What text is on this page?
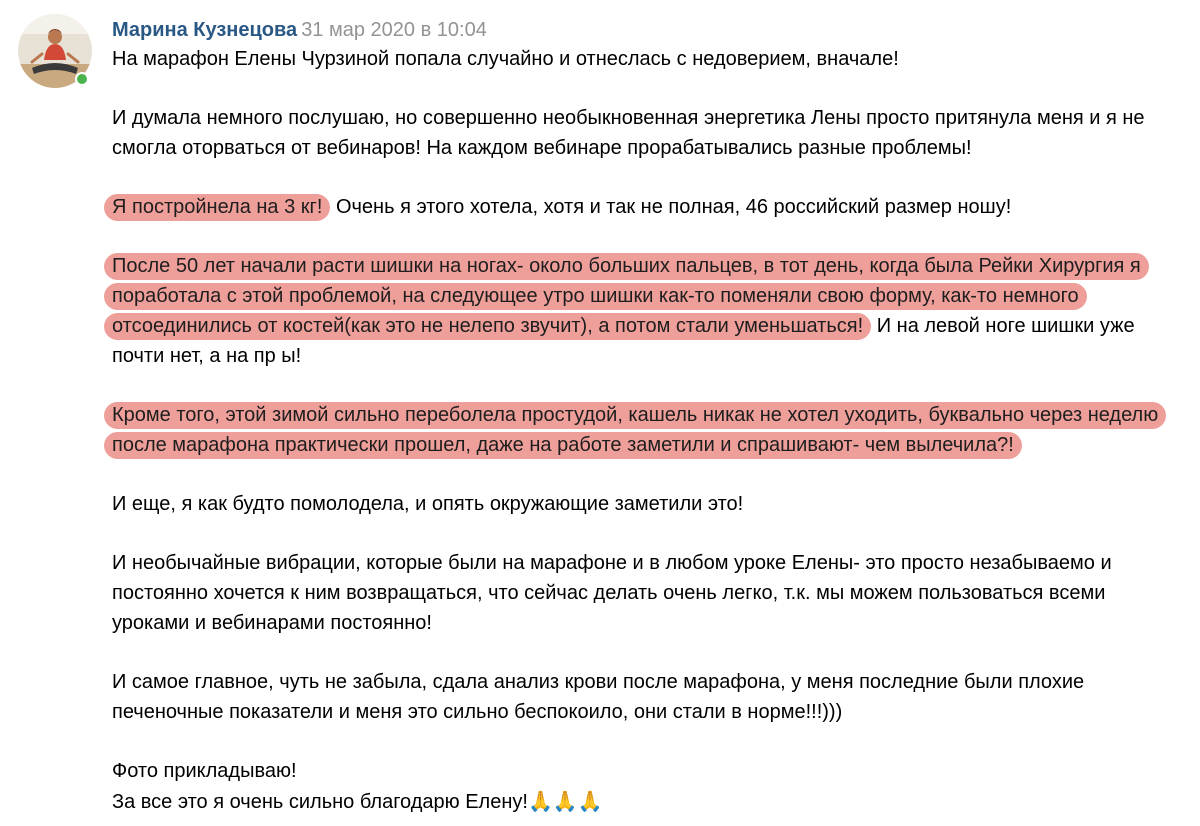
Марина Кузнецова 31 мар 2020 в 10:04

На марафон Елены Чурзиной попала случайно и отнеслась с недоверием, вначале!

И думала немного послушаю, но совершенно необыкновенная энергетика Лены просто притянула меня и я не смогла оторваться от вебинаров! На каждом вебинаре прорабатывались разные проблемы!

Я постройнела на 3 кг! Очень я этого хотела, хотя и так не полная, 46 российский размер ношу!

После 50 лет начали расти шишки на ногах- около больших пальцев, в тот день, когда была Рейки Хирургия я поработала с этой проблемой, на следующее утро шишки как-то поменяли свою форму, как-то немного отсоединились от костей(как это не нелепо звучит), а потом стали уменьшаться! И на левой ноге шишки уже почти нет, а на пр ы!

Кроме того, этой зимой сильно переболела простудой, кашель никак не хотел уходить, буквально через неделю после марафона практически прошел, даже на работе заметили и спрашивают- чем вылечила?!

И еще, я как будто помолодела, и опять окружающие заметили это!

И необычайные вибрации, которые были на марафоне и в любом уроке Елены- это просто незабываемо и постоянно хочется к ним возвращаться, что сейчас делать очень легко, т.к. мы можем пользоваться всеми уроками и вебинарами постоянно!

И самое главное, чуть не забыла, сдала анализ крови после марафона, у меня последние были плохие печеночные показатели и меня это сильно беспокоило, они стали в норме!!!)))

Фото прикладываю!
За все это я очень сильно благодарю Елену!🙏🙏🙏
